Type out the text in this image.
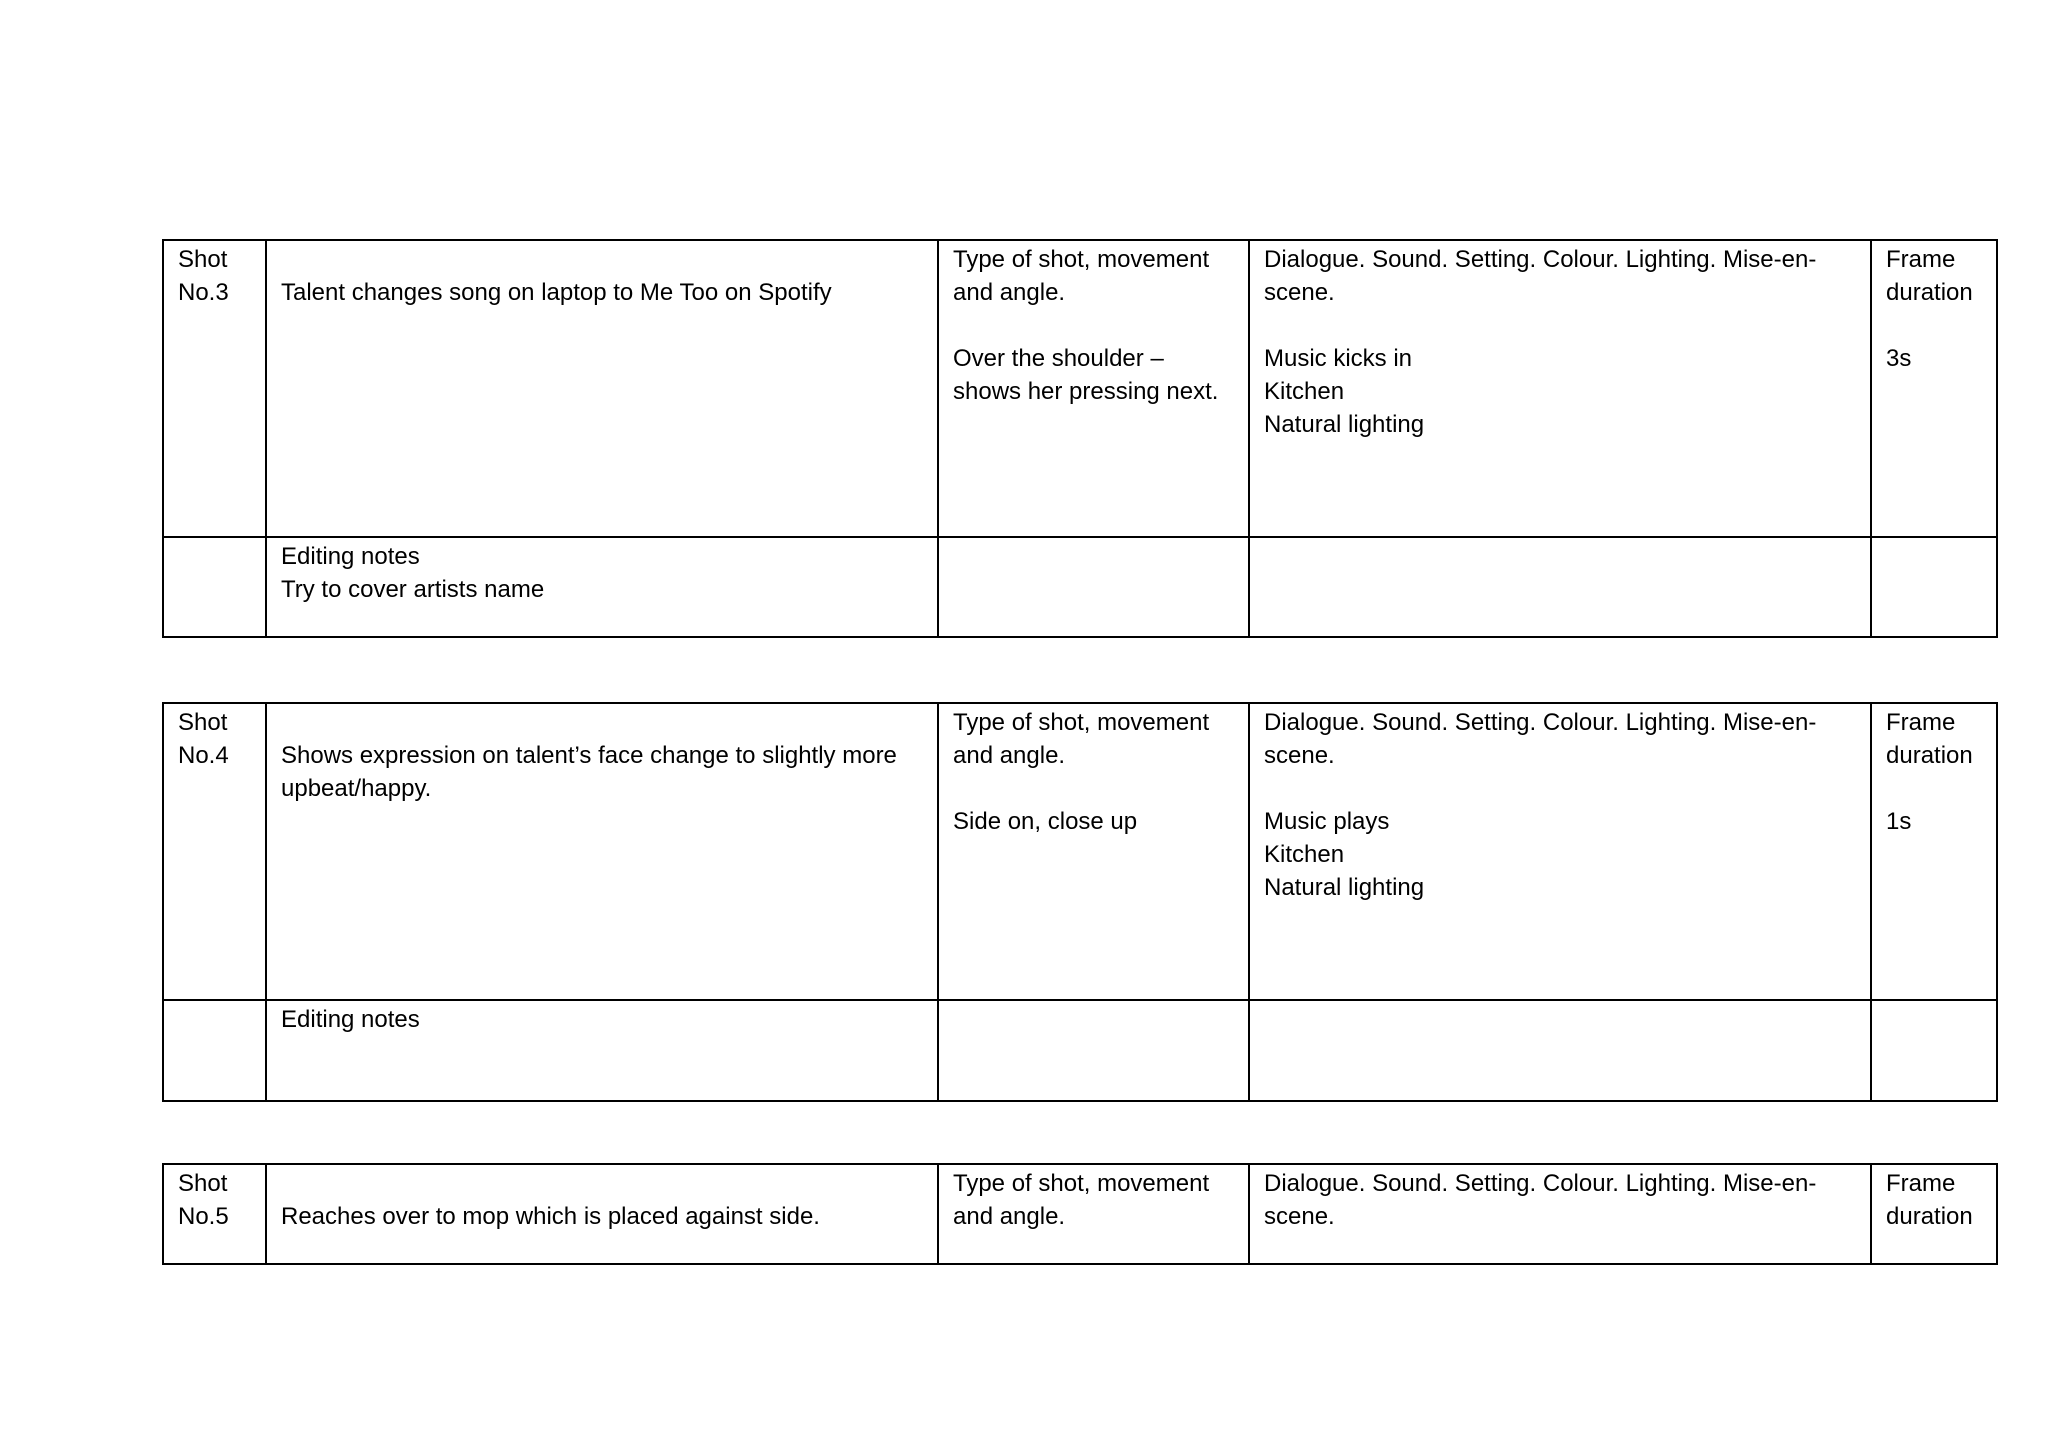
Shot
No.3	Talent changes song on laptop to Me Too on Spotify	Type of shot, movement
and angle.
Over the shoulder –
shows her pressing next.	Dialogue. Sound. Setting. Colour. Lighting. Mise-en-
scene.
Music kicks in
Kitchen
Natural lighting	Frame
duration
3s
	Editing notes
Try to cover artists name			
Shot
No.4	Shows expression on talent’s face change to slightly more
upbeat/happy.	Type of shot, movement
and angle.
Side on, close up	Dialogue. Sound. Setting. Colour. Lighting. Mise-en-
scene.
Music plays
Kitchen
Natural lighting	Frame
duration
1s
	Editing notes			
Shot
No.5	Reaches over to mop which is placed against side.
	Type of shot, movement
and angle.	Dialogue. Sound. Setting. Colour. Lighting. Mise-en-
scene.	Frame
duration
